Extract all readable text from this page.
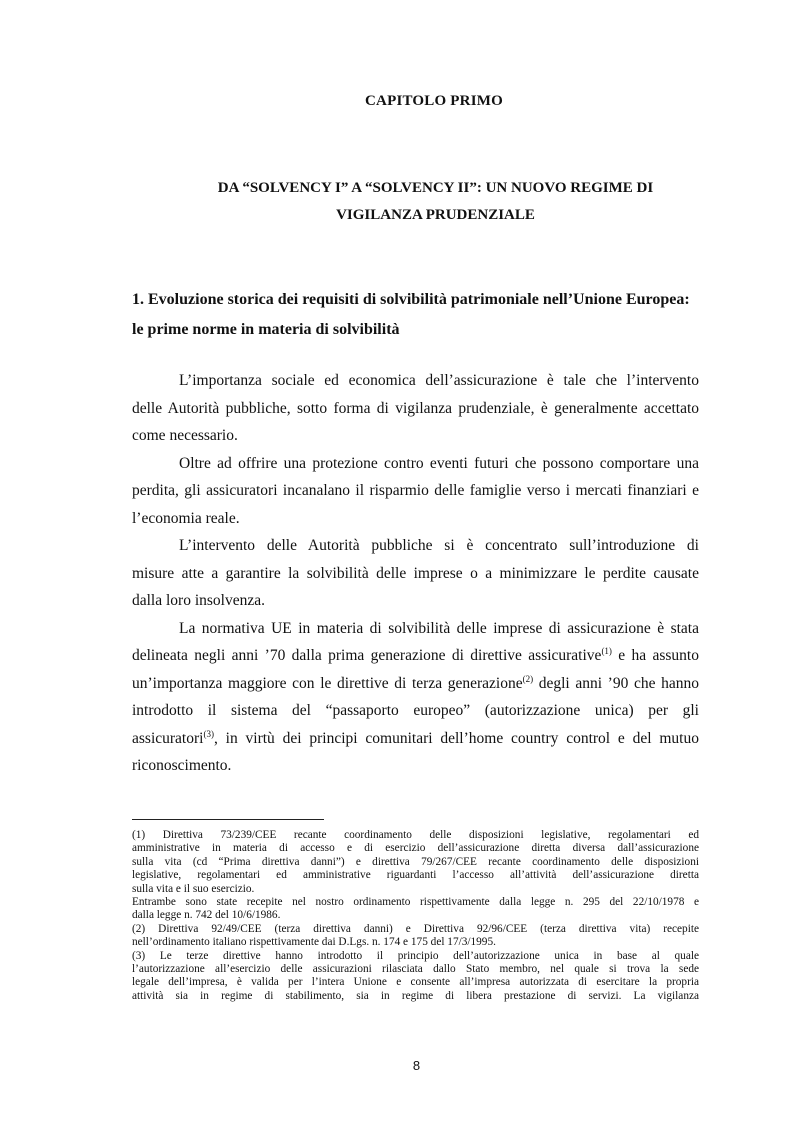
CAPITOLO PRIMO
DA “SOLVENCY I” A “SOLVENCY II”: UN NUOVO REGIME DI
VIGILANZA PRUDENZIALE
1. Evoluzione storica dei requisiti di solvibilità patrimoniale nell’Unione Europea:
le prime norme in materia di solvibilità
L’importanza sociale ed economica dell’assicurazione è tale che l’intervento
delle Autorità pubbliche, sotto forma di vigilanza prudenziale, è generalmente accettato
come necessario.
Oltre ad offrire una protezione contro eventi futuri che possono comportare una
perdita, gli assicuratori incanalano il risparmio delle famiglie verso i mercati finanziari e
l’economia reale.
L’intervento delle Autorità pubbliche si è concentrato sull’introduzione di
misure atte a garantire la solvibilità delle imprese o a minimizzare le perdite causate
dalla loro insolvenza.
La normativa UE in materia di solvibilità delle imprese di assicurazione è stata
delineata negli anni ’70 dalla prima generazione di direttive assicurative$^{(1)}$ e ha assunto
un’importanza maggiore con le direttive di terza generazione$^{(2)}$ degli anni ’90 che hanno
introdotto il sistema del “passaporto europeo” (autorizzazione unica) per gli
assicuratori$^{(3)}$, in virtù dei principi comunitari dell’home country control e del mutuo
riconoscimento.
(1) Direttiva 73/239/CEE recante coordinamento delle disposizioni legislative, regolamentari ed
amministrative in materia di accesso e di esercizio dell’assicurazione diretta diversa dall’assicurazione
sulla vita (cd “Prima direttiva danni”) e direttiva 79/267/CEE recante coordinamento delle disposizioni
legislative, regolamentari ed amministrative riguardanti l’accesso all’attività dell’assicurazione diretta
sulla vita e il suo esercizio.
Entrambe sono state recepite nel nostro ordinamento rispettivamente dalla legge n. 295 del 22/10/1978 e
dalla legge n. 742 del 10/6/1986.
(2) Direttiva 92/49/CEE (terza direttiva danni) e Direttiva 92/96/CEE (terza direttiva vita) recepite
nell’ordinamento italiano rispettivamente dai D.Lgs. n. 174 e 175 del 17/3/1995.
(3) Le terze direttive hanno introdotto il principio dell’autorizzazione unica in base al quale
l’autorizzazione all’esercizio delle assicurazioni rilasciata dallo Stato membro, nel quale si trova la sede
legale dell’impresa, è valida per l’intera Unione e consente all’impresa autorizzata di esercitare la propria
attività sia in regime di stabilimento, sia in regime di libera prestazione di servizi. La vigilanza
8
